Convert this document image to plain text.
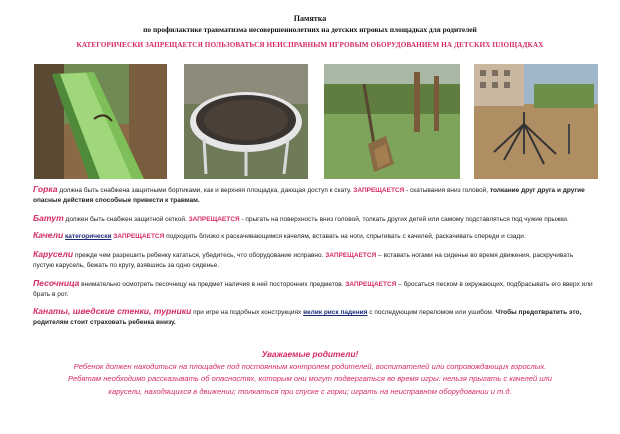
Памятка
по профилактике травматизма несовершеннолетних на детских игровых площадках для родителей
КАТЕГОРИЧЕСКИ ЗАПРЕЩАЕТСЯ ПОЛЬЗОВАТЬСЯ НЕИСПРАВНЫМ ИГРОВЫМ ОБОРУДОВАНИЕМ НА ДЕТСКИХ ПЛОЩАДКАХ

Горка должна быть снабжена защитными бортиками, как и верхняя площадка, дающая доступ к скату. ЗАПРЕЩАЕТСЯ - скатывания вниз головой, толкание друг друга и другие опасные действия способные привести к травмам.

Батут должен быть снабжен защитной сеткой. ЗАПРЕЩАЕТСЯ - прыгать на поверхность вниз головой, толкать других детей или самому подставляться под чужие прыжки.

Качели категорически ЗАПРЕЩАЕТСЯ подходить близко к раскачивающимся качелям, вставать на ноги, спрыгивать с качелей, раскачивать спереди и сзади.

Карусели прежде чем разрешить ребенку кататься, убедитесь, что оборудование исправно. ЗАПРЕЩАЕТСЯ – вставать ногами на сиденье во время движения, раскручивать пустую карусель, бежать по кругу, взявшись за одно сиденье.

Песочница внимательно осмотреть песочницу на предмет наличия в ней посторонних предметов. ЗАПРЕЩАЕТСЯ – бросаться песком в окружающих, подбрасывать его вверх или брать в рот.

Канаты, шведские стенки, турники при игре на подобных конструкциях велик риск падения с последующим переломом или ушибом. Чтобы предотвратить это, родителям стоит страховать ребенка внизу.

Уважаемые родители!
Ребенок должен находиться на площадке под постоянным контролем родителей, воспитателей или сопровождающих взрослых. Ребятам необходимо рассказывать об опасностях, которым они могут подвергаться во время игры: нельзя прыгать с качелей или карусели, находящихся в движении; толкаться при спуске с горки; играть на неисправном оборудовании и т.д.
